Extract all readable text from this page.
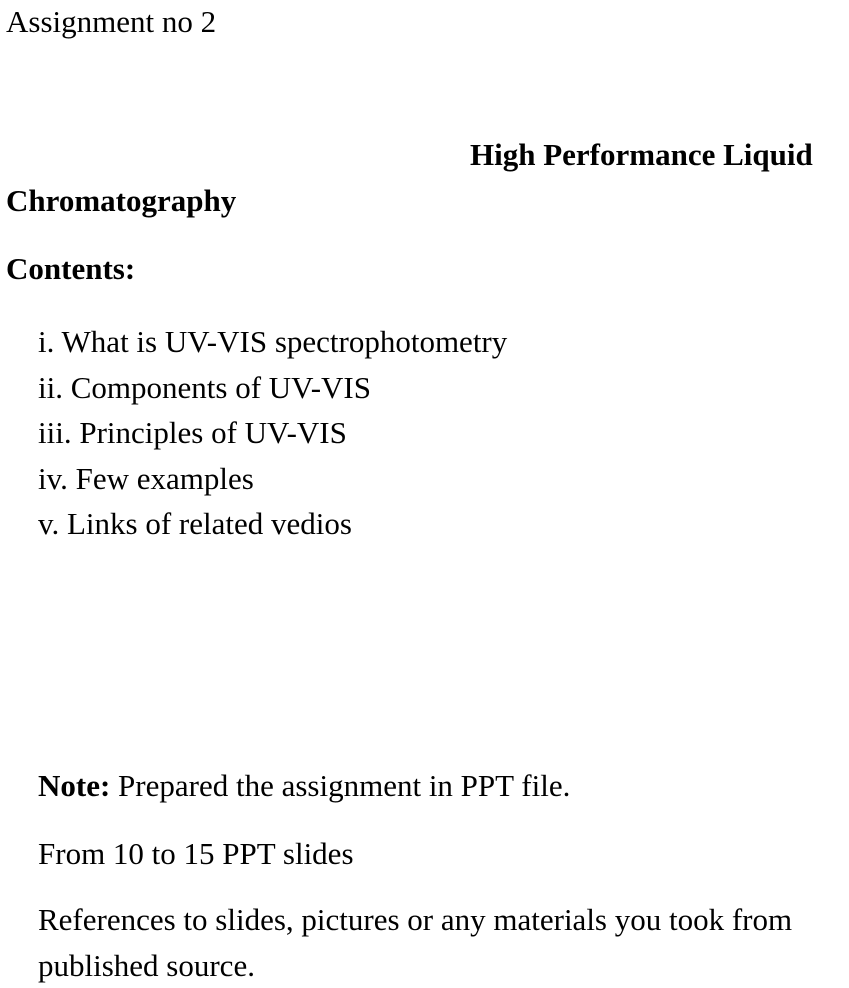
Assignment no 2
High Performance Liquid
Chromatography
Contents:
i. What is UV-VIS spectrophotometry
ii. Components of UV-VIS
iii. Principles of UV-VIS
iv. Few examples
v. Links of related vedios
Note: Prepared the assignment in PPT file.
From 10 to 15 PPT slides
References to slides, pictures or any materials you took from
published source.
